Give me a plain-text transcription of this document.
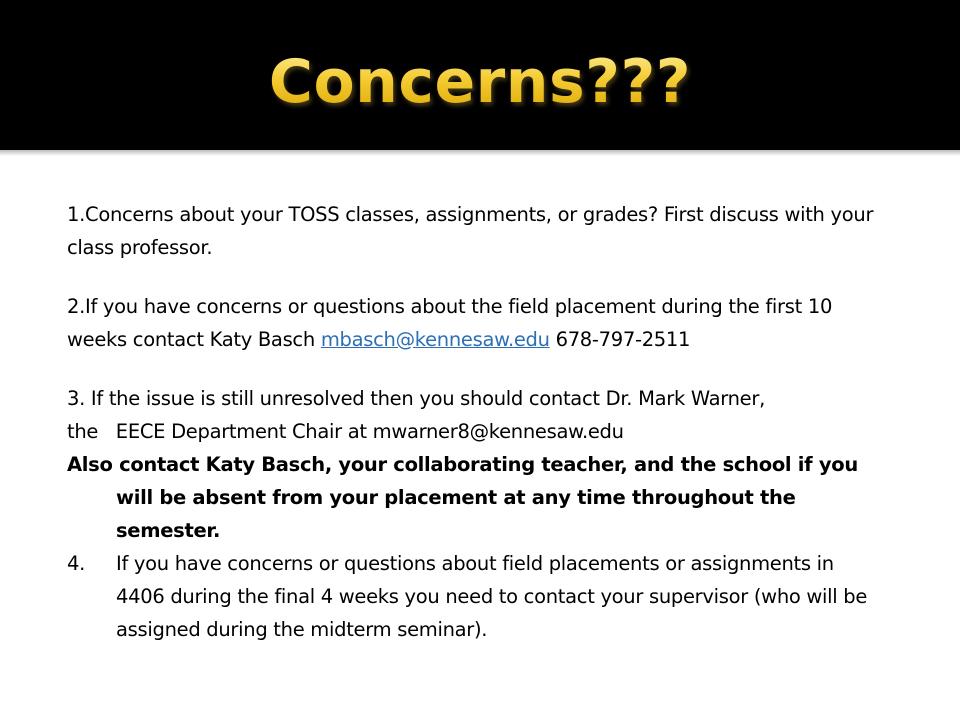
Concerns???

1.Concerns about your TOSS classes, assignments, or grades? First discuss with your class professor.

2.If you have concerns or questions about the field placement during the first 10 weeks contact Katy Basch mbasch@kennesaw.edu 678-797-2511

3. If the issue is still unresolved then you should contact Dr. Mark Warner,
the   EECE Department Chair at mwarner8@kennesaw.edu

Also contact Katy Basch, your collaborating teacher, and the school if you will be absent from your placement at any time throughout the semester.

4. If you have concerns or questions about field placements or assignments in 4406 during the final 4 weeks you need to contact your supervisor (who will be assigned during the midterm seminar).
